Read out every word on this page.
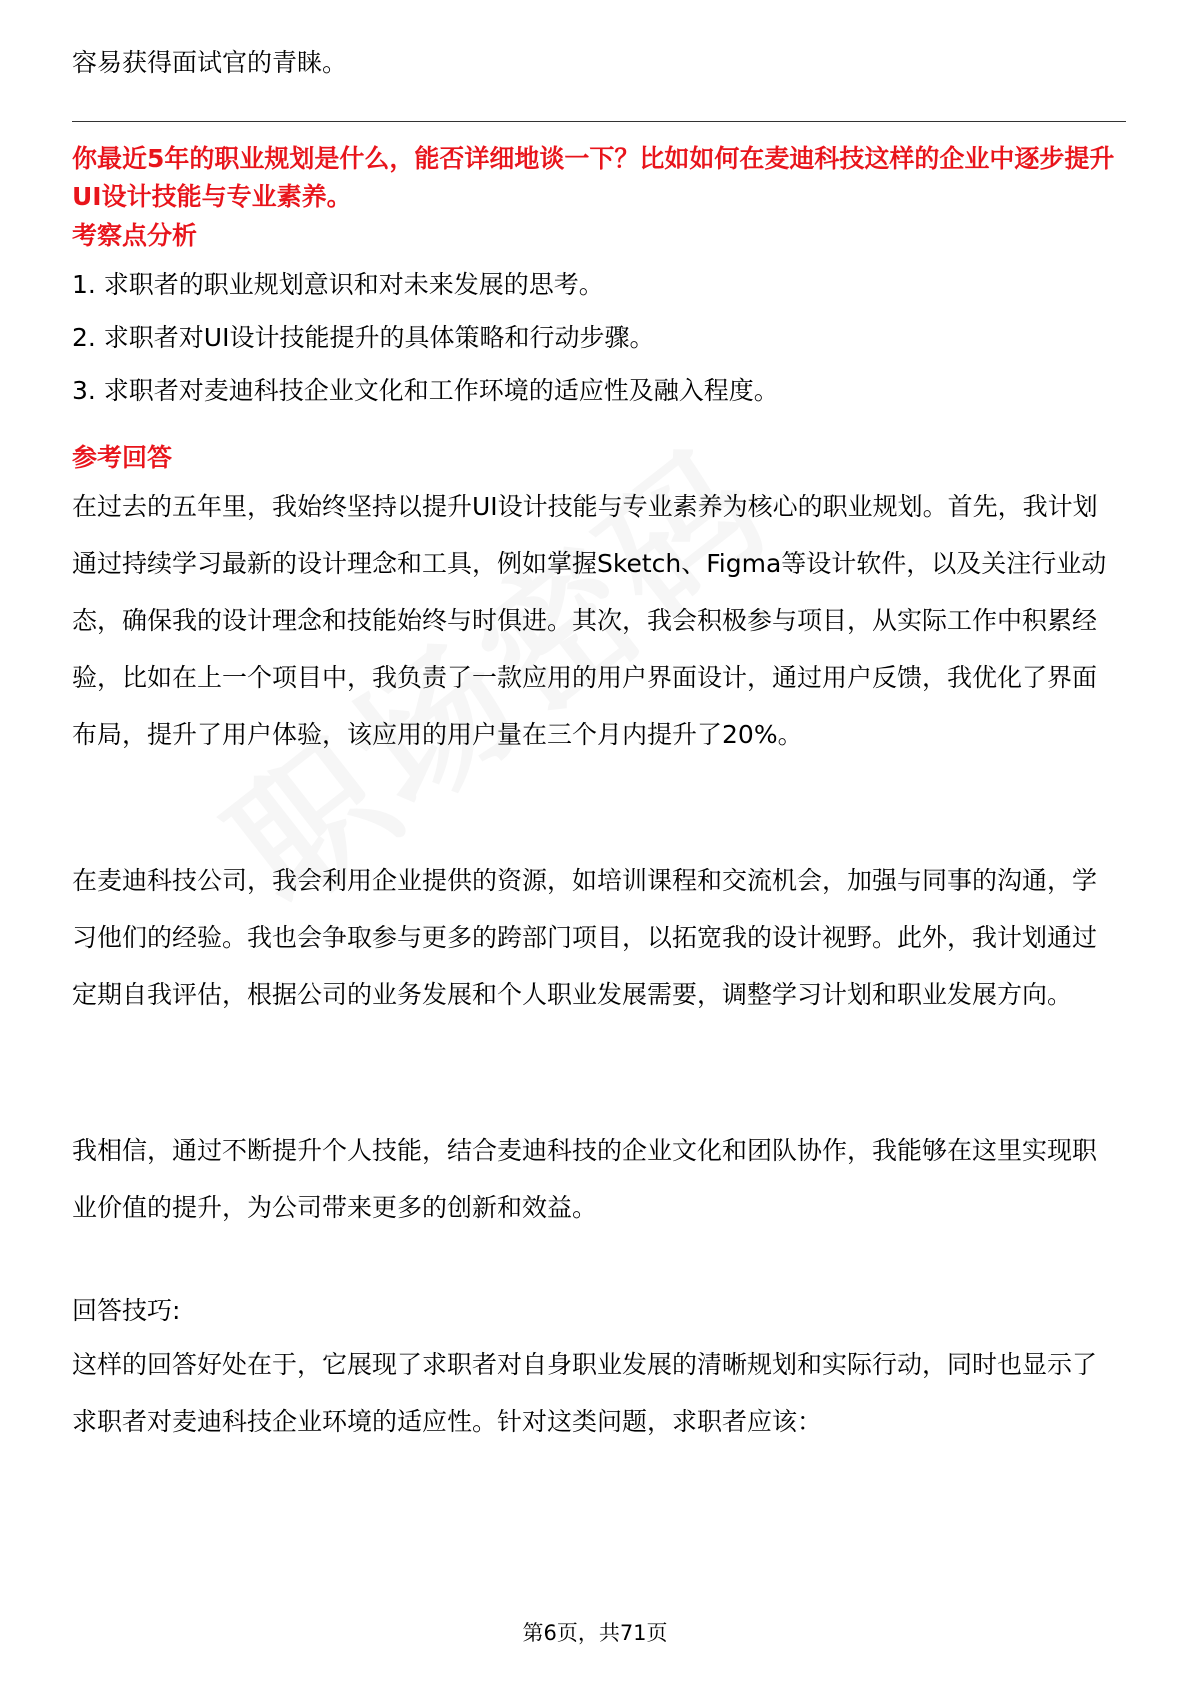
容易获得面试官的青睐。

你最近5年的职业规划是什么，能否详细地谈一下？比如如何在麦迪科技这样的企业中逐步提升UI设计技能与专业素养。

考察点分析

1. 求职者的职业规划意识和对未来发展的思考。

2. 求职者对UI设计技能提升的具体策略和行动步骤。

3. 求职者对麦迪科技企业文化和工作环境的适应性及融入程度。

参考回答

在过去的五年里，我始终坚持以提升UI设计技能与专业素养为核心的职业规划。首先，我计划通过持续学习最新的设计理念和工具，例如掌握Sketch、Figma等设计软件，以及关注行业动态，确保我的设计理念和技能始终与时俱进。其次，我会积极参与项目，从实际工作中积累经验，比如在上一个项目中，我负责了一款应用的用户界面设计，通过用户反馈，我优化了界面布局，提升了用户体验，该应用的用户量在三个月内提升了20%。

在麦迪科技公司，我会利用企业提供的资源，如培训课程和交流机会，加强与同事的沟通，学习他们的经验。我也会争取参与更多的跨部门项目，以拓宽我的设计视野。此外，我计划通过定期自我评估，根据公司的业务发展和个人职业发展需要，调整学习计划和职业发展方向。

我相信，通过不断提升个人技能，结合麦迪科技的企业文化和团队协作，我能够在这里实现职业价值的提升，为公司带来更多的创新和效益。

回答技巧:

这样的回答好处在于，它展现了求职者对自身职业发展的清晰规划和实际行动，同时也显示了求职者对麦迪科技企业环境的适应性。针对这类问题，求职者应该：

第6页，共71页
